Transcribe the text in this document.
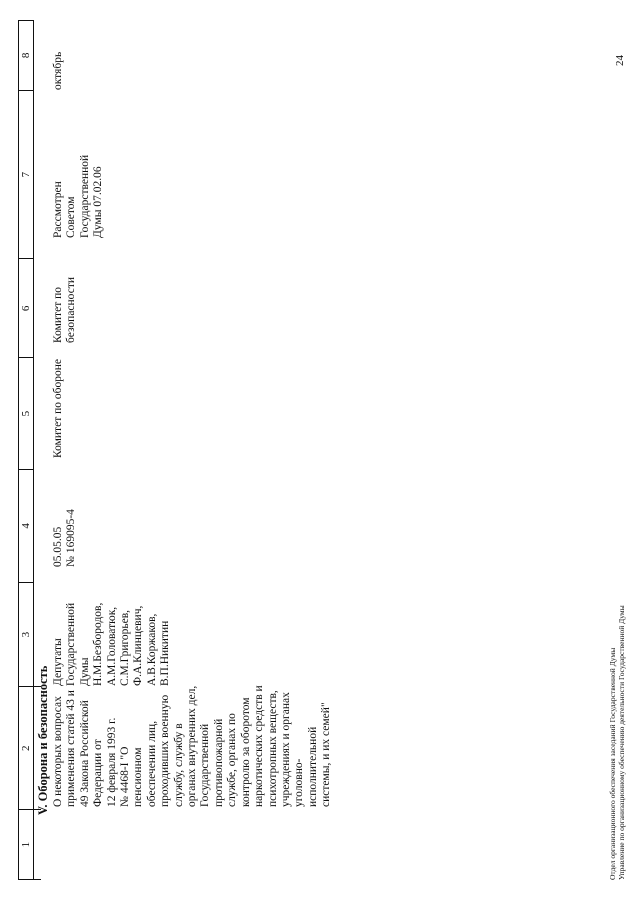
1
2
3
4
5
6
7
8
V. Оборона и безопасность О некоторых вопросах
применения статей 43 и
49 Закона Российской
Федерации от
12 февраля 1993 г.
№ 4468-I "О пенсионном
обеспечении лиц,
проходивших военную
службу, службу в
органах внутренних дел,
Государственной
противопожарной
службе, органах по
контролю за оборотом
наркотических средств и
психотропных веществ,
учреждениях и органах
уголовно-
исполнительной
системы, и их семей"
Депутаты
Государственной Думы
Н.М.Безбородов,
А.М.Головатюк,
С.М.Григорьев,
Ф.А.Клинцевич,
А.В.Коржаков,
В.П.Никитин
05.05.05
№ 169095-4
Комитет по обороне
Комитет по
безопасности
Рассмотрен
Советом
Государственной
Думы 07.02.06
октябрь	24
Отдел организационного обеспечения заседаний Государственной Думы Управление по организационному обеспечению деятельности Государственной Думы
